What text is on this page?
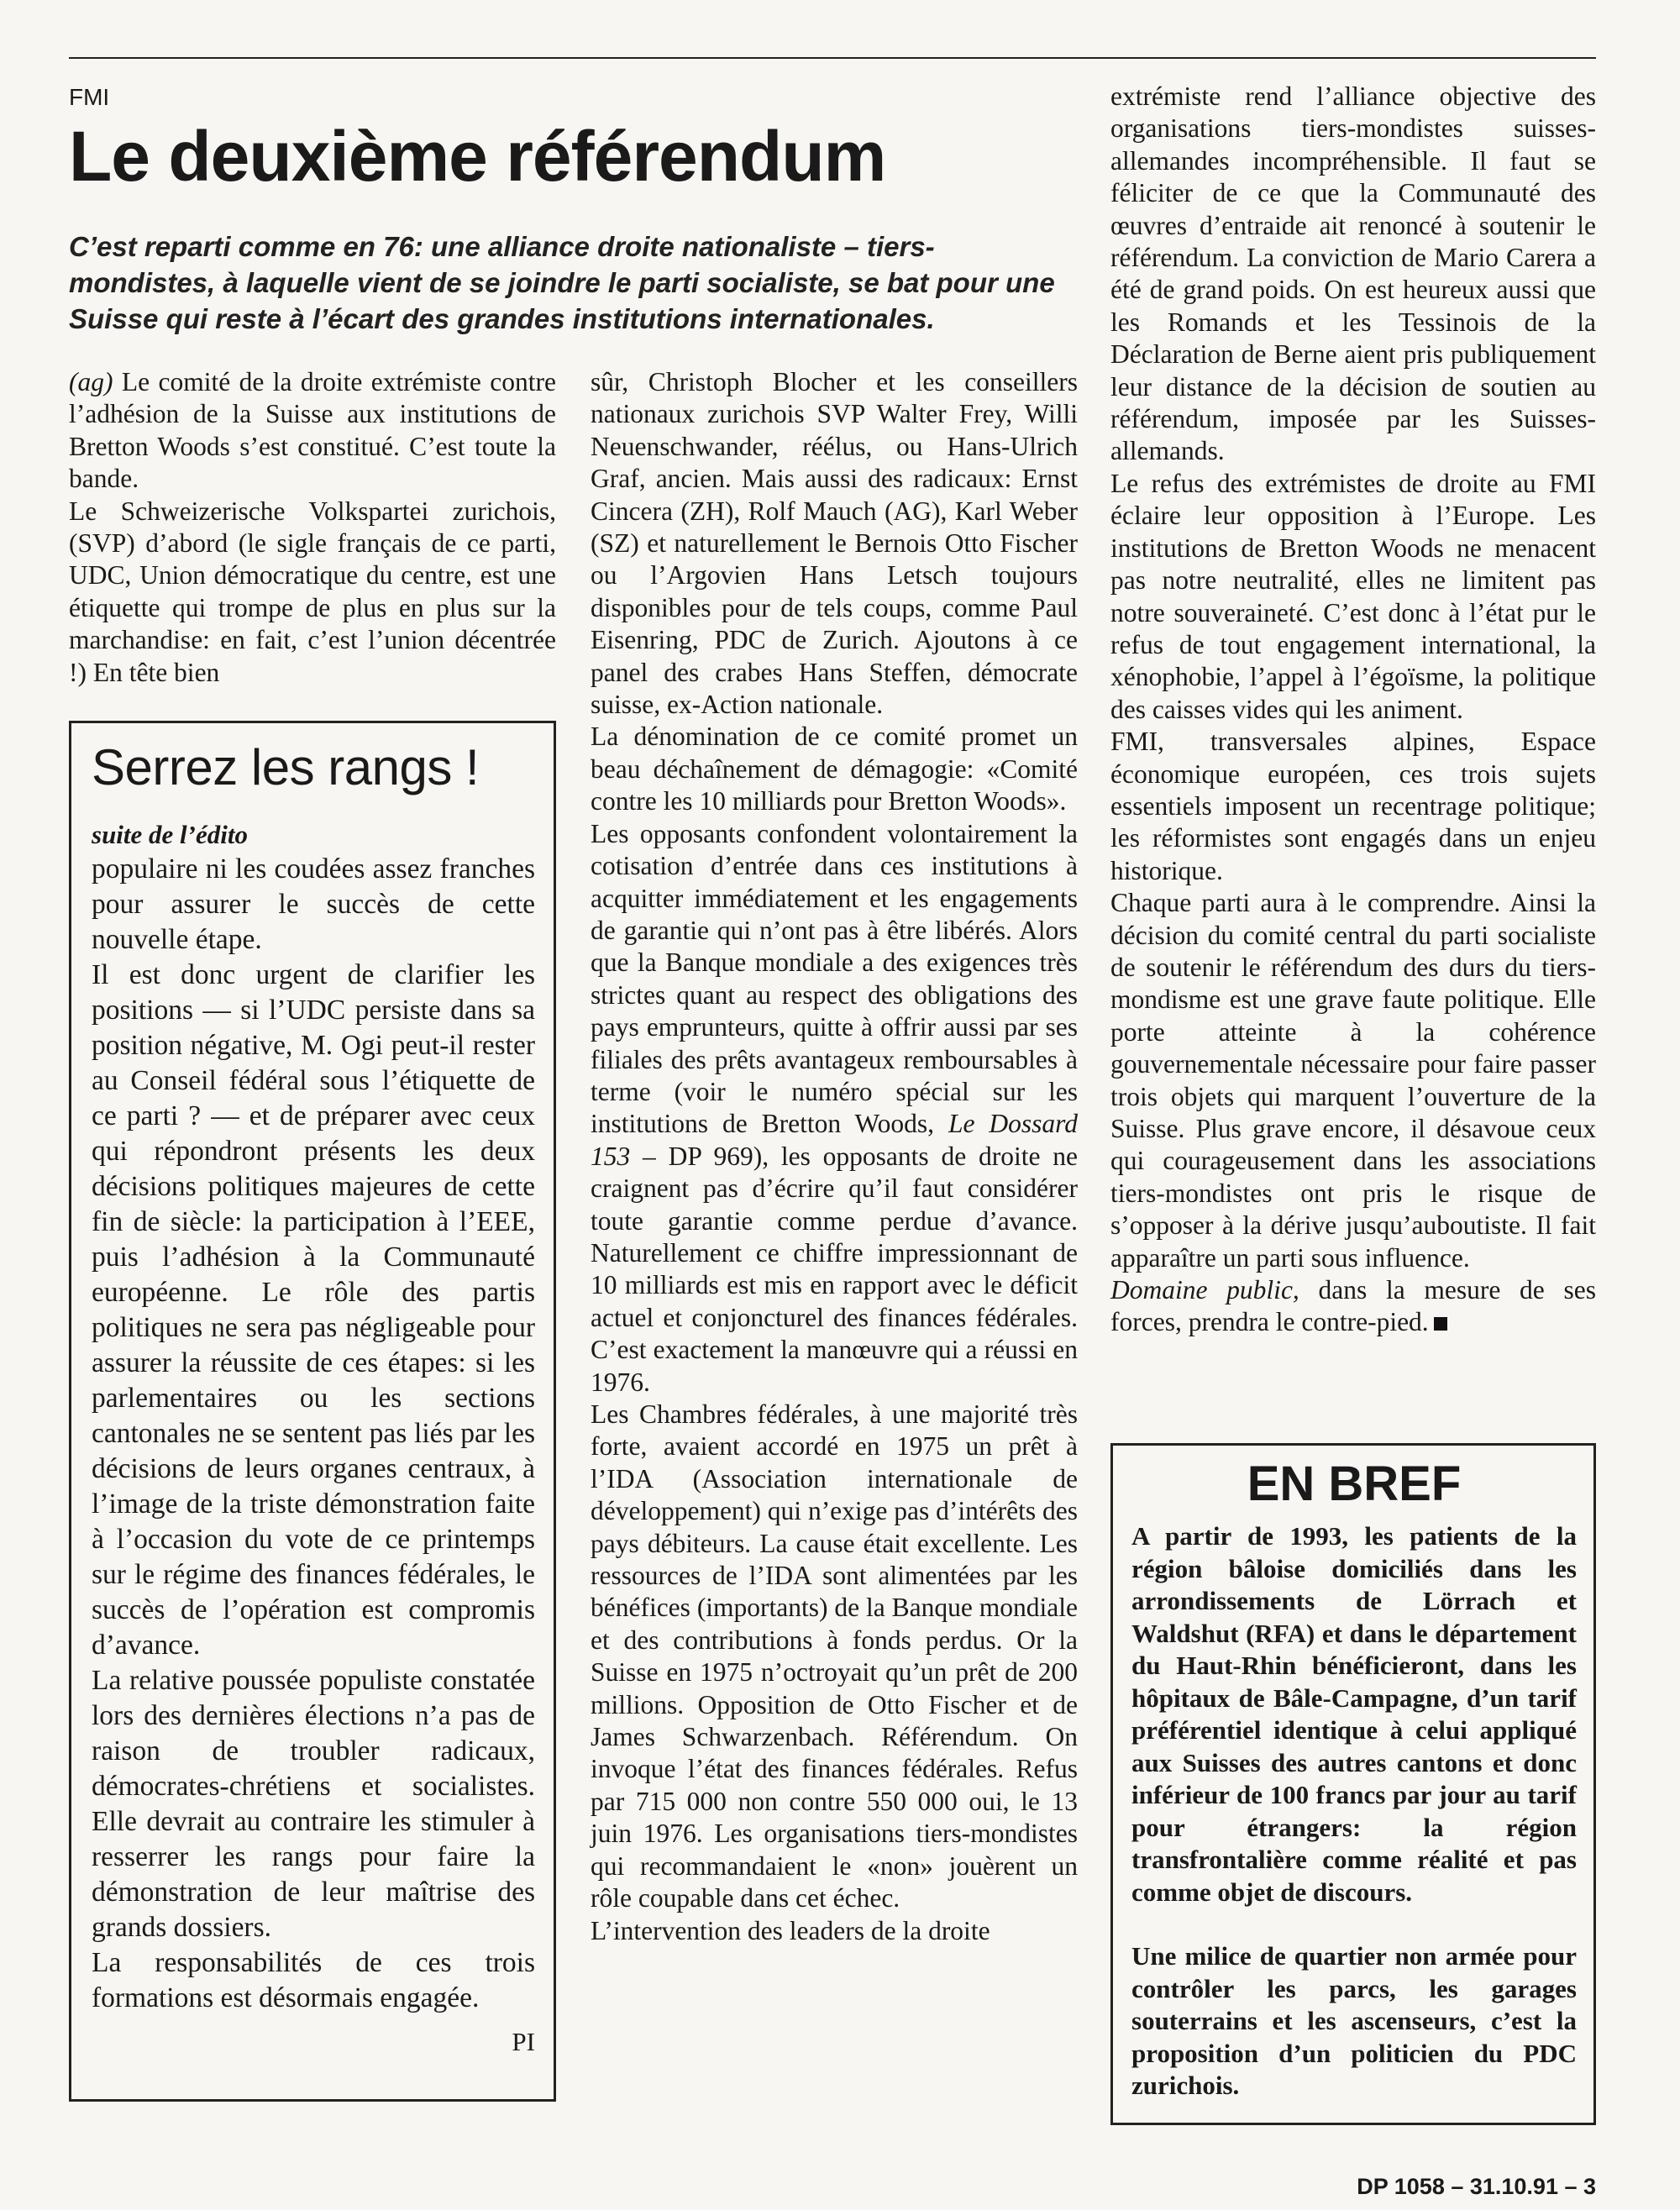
FMI
Le deuxième référendum

C’est reparti comme en 76: une alliance droite nationaliste – tiers-mondistes, à laquelle vient de se joindre le parti socialiste, se bat pour une Suisse qui reste à l’écart des grandes institutions internationales.

(ag) Le comité de la droite extrémiste contre l’adhésion de la Suisse aux institutions de Bretton Woods s’est constitué. C’est toute la bande.

Le Schweizerische Volkspartei zurichois, (SVP) d’abord (le sigle français de ce parti, UDC, Union démocratique du centre, est une étiquette qui trompe de plus en plus sur la marchandise: en fait, c’est l’union décentrée !) En tête bien

Serrez les rangs !
suite de l’édito

populaire ni les coudées assez franches pour assurer le succès de cette nouvelle étape.

Il est donc urgent de clarifier les positions — si l’UDC persiste dans sa position négative, M. Ogi peut-il rester au Conseil fédéral sous l’étiquette de ce parti ? — et de préparer avec ceux qui répondront présents les deux décisions politiques majeures de cette fin de siècle: la participation à l’EEE, puis l’adhésion à la Communauté européenne. Le rôle des partis politiques ne sera pas négligeable pour assurer la réussite de ces étapes: si les parlementaires ou les sections cantonales ne se sentent pas liés par les décisions de leurs organes centraux, à l’image de la triste démonstration faite à l’occasion du vote de ce printemps sur le régime des finances fédérales, le succès de l’opération est compromis d’avance.

La relative poussée populiste constatée lors des dernières élections n’a pas de raison de troubler radicaux, démocrates-chrétiens et socialistes. Elle devrait au contraire les stimuler à resserrer les rangs pour faire la démonstration de leur maîtrise des grands dossiers.

La responsabilités de ces trois formations est désormais engagée.

PI

sûr, Christoph Blocher et les conseillers nationaux zurichois SVP Walter Frey, Willi Neuenschwander, réélus, ou Hans-Ulrich Graf, ancien. Mais aussi des radicaux: Ernst Cincera (ZH), Rolf Mauch (AG), Karl Weber (SZ) et naturellement le Bernois Otto Fischer ou l’Argovien Hans Letsch toujours disponibles pour de tels coups, comme Paul Eisenring, PDC de Zurich. Ajoutons à ce panel des crabes Hans Steffen, démocrate suisse, ex-Action nationale.

La dénomination de ce comité promet un beau déchaînement de démagogie: «Comité contre les 10 milliards pour Bretton Woods».

Les opposants confondent volontairement la cotisation d’entrée dans ces institutions à acquitter immédiatement et les engagements de garantie qui n’ont pas à être libérés. Alors que la Banque mondiale a des exigences très strictes quant au respect des obligations des pays emprunteurs, quitte à offrir aussi par ses filiales des prêts avantageux remboursables à terme (voir le numéro spécial sur les institutions de Bretton Woods, Le Dossard 153 – DP 969), les opposants de droite ne craignent pas d’écrire qu’il faut considérer toute garantie comme perdue d’avance. Naturellement ce chiffre impressionnant de 10 milliards est mis en rapport avec le déficit actuel et conjoncturel des finances fédérales. C’est exactement la manœuvre qui a réussi en 1976.

Les Chambres fédérales, à une majorité très forte, avaient accordé en 1975 un prêt à l’IDA (Association internationale de développement) qui n’exige pas d’intérêts des pays débiteurs. La cause était excellente. Les ressources de l’IDA sont alimentées par les bénéfices (importants) de la Banque mondiale et des contributions à fonds perdus. Or la Suisse en 1975 n’octroyait qu’un prêt de 200 millions. Opposition de Otto Fischer et de James Schwarzenbach. Référendum. On invoque l’état des finances fédérales. Refus par 715 000 non contre 550 000 oui, le 13 juin 1976. Les organisations tiers-mondistes qui recommandaient le «non» jouèrent un rôle coupable dans cet échec.

L’intervention des leaders de la droite

extrémiste rend l’alliance objective des organisations tiers-mondistes suisses-allemandes incompréhensible. Il faut se féliciter de ce que la Communauté des œuvres d’entraide ait renoncé à soutenir le référendum. La conviction de Mario Carera a été de grand poids. On est heureux aussi que les Romands et les Tessinois de la Déclaration de Berne aient pris publiquement leur distance de la décision de soutien au référendum, imposée par les Suisses-allemands.

Le refus des extrémistes de droite au FMI éclaire leur opposition à l’Europe. Les institutions de Bretton Woods ne menacent pas notre neutralité, elles ne limitent pas notre souveraineté. C’est donc à l’état pur le refus de tout engagement international, la xénophobie, l’appel à l’égoïsme, la politique des caisses vides qui les animent.

FMI, transversales alpines, Espace économique européen, ces trois sujets essentiels imposent un recentrage politique; les réformistes sont engagés dans un enjeu historique.

Chaque parti aura à le comprendre. Ainsi la décision du comité central du parti socialiste de soutenir le référendum des durs du tiers-mondisme est une grave faute politique. Elle porte atteinte à la cohérence gouvernementale nécessaire pour faire passer trois objets qui marquent l’ouverture de la Suisse. Plus grave encore, il désavoue ceux qui courageusement dans les associations tiers-mondistes ont pris le risque de s’opposer à la dérive jusqu’auboutiste. Il fait apparaître un parti sous influence.

Domaine public, dans la mesure de ses forces, prendra le contre-pied.

EN BREF

A partir de 1993, les patients de la région bâloise domiciliés dans les arrondissements de Lörrach et Waldshut (RFA) et dans le département du Haut-Rhin bénéficieront, dans les hôpitaux de Bâle-Campagne, d’un tarif préférentiel identique à celui appliqué aux Suisses des autres cantons et donc inférieur de 100 francs par jour au tarif pour étrangers: la région transfrontalière comme réalité et pas comme objet de discours.

Une milice de quartier non armée pour contrôler les parcs, les garages souterrains et les ascenseurs, c’est la proposition d’un politicien du PDC zurichois.

DP 1058 – 31.10.91 – 3
